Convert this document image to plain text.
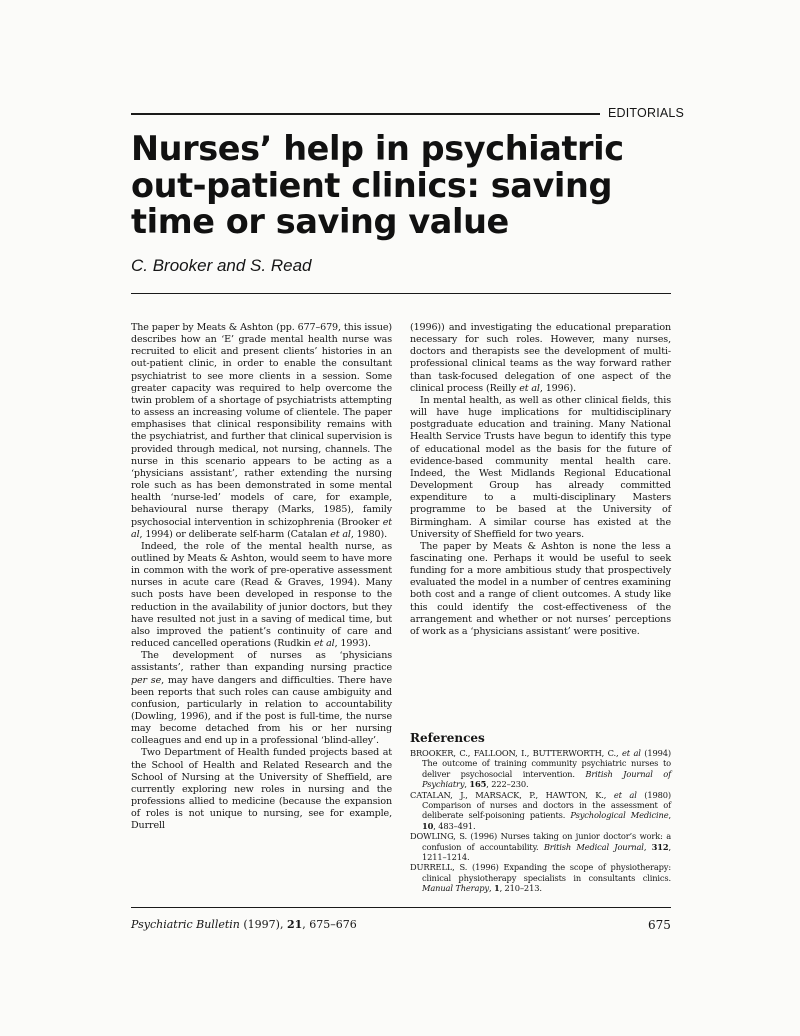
EDITORIALS
Nurses’ help in psychiatric out-patient clinics: saving time or saving value
C. Brooker and S. Read

The paper by Meats & Ashton (pp. 677–679, this issue) describes how an ‘E’ grade mental health nurse was recruited to elicit and present clients’ histories in an out-patient clinic, in order to enable the consultant psychiatrist to see more clients in a session. Some greater capacity was required to help overcome the twin problem of a shortage of psychiatrists attempting to assess an increasing volume of clientele. The paper emphasises that clinical responsibility remains with the psychiatrist, and further that clinical supervision is provided through medical, not nursing, channels. The nurse in this scenario appears to be acting as a ‘physicians assistant’, rather extending the nursing role such as has been demonstrated in some mental health ‘nurse-led’ models of care, for example, behavioural nurse therapy (Marks, 1985), family psychosocial intervention in schizophrenia (Brooker et al, 1994) or deliberate self-harm (Catalan et al, 1980).

Indeed, the role of the mental health nurse, as outlined by Meats & Ashton, would seem to have more in common with the work of pre-operative assessment nurses in acute care (Read & Graves, 1994). Many such posts have been developed in response to the reduction in the availability of junior doctors, but they have resulted not just in a saving of medical time, but also improved the patient’s continuity of care and reduced cancelled operations (Rudkin et al, 1993).

The development of nurses as ‘physicians assistants’, rather than expanding nursing practice per se, may have dangers and difficulties. There have been reports that such roles can cause ambiguity and confusion, particularly in relation to accountability (Dowling, 1996), and if the post is full-time, the nurse may become detached from his or her nursing colleagues and end up in a professional ‘blind-alley’.

Two Department of Health funded projects based at the School of Health and Related Research and the School of Nursing at the University of Sheffield, are currently exploring new roles in nursing and the professions allied to medicine (because the expansion of roles is not unique to nursing, see for example, Durrell

(1996)) and investigating the educational preparation necessary for such roles. However, many nurses, doctors and therapists see the development of multi-professional clinical teams as the way forward rather than task-focused delegation of one aspect of the clinical process (Reilly et al, 1996).

In mental health, as well as other clinical fields, this will have huge implications for multidisciplinary postgraduate education and training. Many National Health Service Trusts have begun to identify this type of educational model as the basis for the future of evidence-based community mental health care. Indeed, the West Midlands Regional Educational Development Group has already committed expenditure to a multi-disciplinary Masters programme to be based at the University of Birmingham. A similar course has existed at the University of Sheffield for two years.

The paper by Meats & Ashton is none the less a fascinating one. Perhaps it would be useful to seek funding for a more ambitious study that prospectively evaluated the model in a number of centres examining both cost and a range of client outcomes. A study like this could identify the cost-effectiveness of the arrangement and whether or not nurses’ perceptions of work as a ‘physicians assistant’ were positive.

References

BROOKER, C., FALLOON, I., BUTTERWORTH, C., et al (1994) The outcome of training community psychiatric nurses to deliver psychosocial intervention. British Journal of Psychiatry, 165, 222–230.

CATALAN, J., MARSACK, P., HAWTON, K., et al (1980) Comparison of nurses and doctors in the assessment of deliberate self-poisoning patients. Psychological Medicine, 10, 483–491.

DOWLING, S. (1996) Nurses taking on junior doctor’s work: a confusion of accountability. British Medical Journal, 312, 1211–1214.

DURRELL, S. (1996) Expanding the scope of physiotherapy: clinical physiotherapy specialists in consultants clinics. Manual Therapy, 1, 210–213.

Psychiatric Bulletin (1997), 21, 675–676	675
